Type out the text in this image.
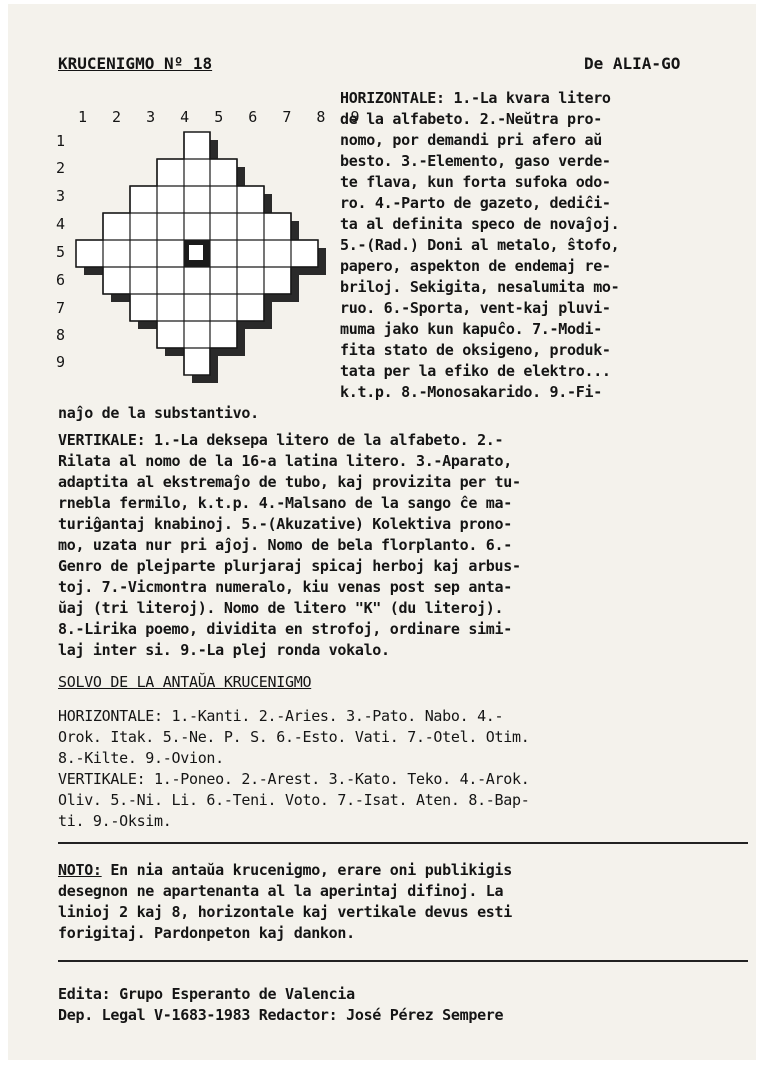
KRUCENIGMO Nº 18	De ALIA-GO
1 2 3 4 5 6 7 8 9
1
2
3
4
5
6
7
8
9
HORIZONTALE: 1.-La kvara litero
de la alfabeto. 2.-Neŭtra pro-
nomo, por demandi pri afero aŭ
besto. 3.-Elemento, gaso verde-
te flava, kun forta sufoka odo-
ro. 4.-Parto de gazeto, dediĉi-
ta al definita speco de novaĵoj.
5.-(Rad.) Doni al metalo, ŝtofo,
papero, aspekton de endemaj re-
briloj. Sekigita, nesalumita mo-
ruo. 6.-Sporta, vent-kaj pluvi-
muma jako kun kapuĉo. 7.-Modi-
fita stato de oksigeno, produk-
tata per la efiko de elektro...
k.t.p. 8.-Monosakarido. 9.-Fi-
naĵo de la substantivo.
VERTIKALE: 1.-La deksepa litero de la alfabeto. 2.-
Rilata al nomo de la 16-a latina litero. 3.-Aparato,
adaptita al ekstremaĵo de tubo, kaj provizita per tu-
rnebla fermilo, k.t.p. 4.-Malsano de la sango ĉe ma-
turiĝantaj knabinoj. 5.-(Akuzative) Kolektiva prono-
mo, uzata nur pri aĵoj. Nomo de bela florplanto. 6.-
Genro de plejparte plurjaraj spicaj herboj kaj arbus-
toj. 7.-Vicmontra numeralo, kiu venas post sep anta-
ŭaj (tri literoj). Nomo de litero "K" (du literoj).
8.-Lirika poemo, dividita en strofoj, ordinare simi-
laj inter si. 9.-La plej ronda vokalo.
SOLVO DE LA ANTAŬA KRUCENIGMO
HORIZONTALE: 1.-Kanti. 2.-Aries. 3.-Pato. Nabo. 4.-
Orok. Itak. 5.-Ne. P. S. 6.-Esto. Vati. 7.-Otel. Otim.
8.-Kilte. 9.-Ovion.
VERTIKALE: 1.-Poneo. 2.-Arest. 3.-Kato. Teko. 4.-Arok.
Oliv. 5.-Ni. Li. 6.-Teni. Voto. 7.-Isat. Aten. 8.-Bap-
ti. 9.-Oksim.
NOTO: En nia antaŭa krucenigmo, erare oni publikigis
desegnon ne apartenanta al la aperintaj difinoj. La
linioj 2 kaj 8, horizontale kaj vertikale devus esti
forigitaj. Pardonpeton kaj dankon.
Edita: Grupo Esperanto de Valencia
Dep. Legal V-1683-1983 Redactor: José Pérez Sempere
